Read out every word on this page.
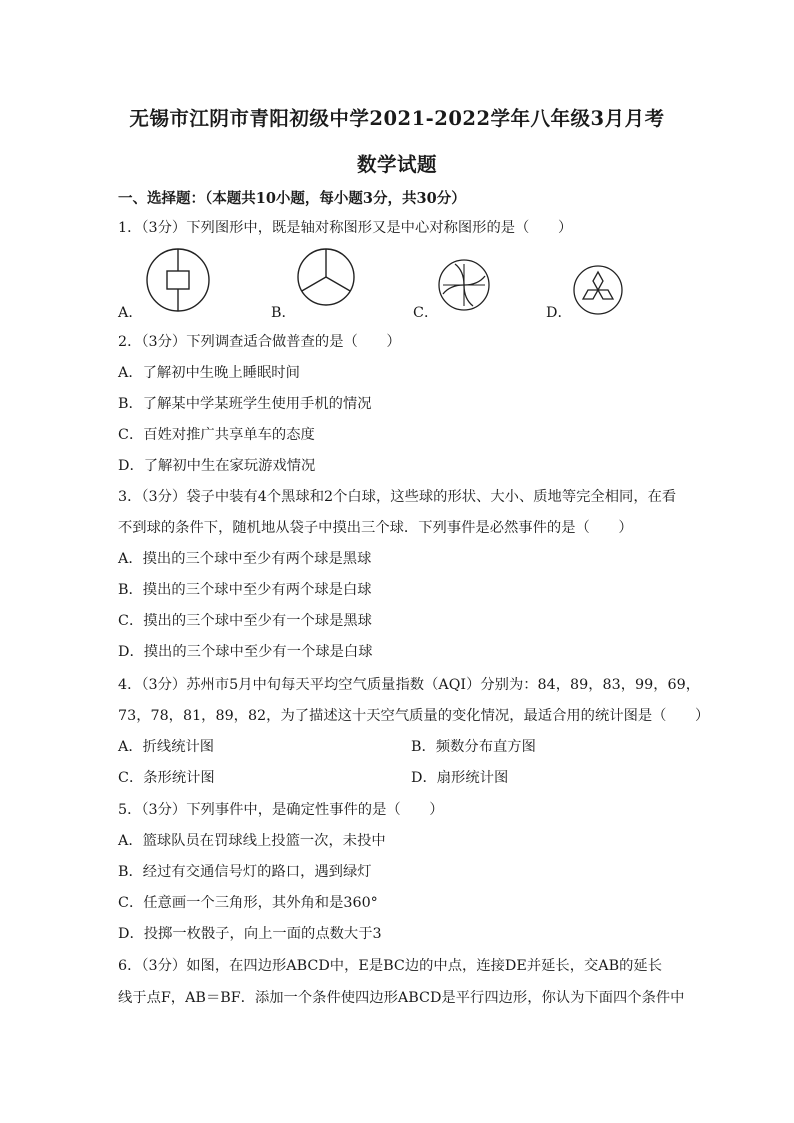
无锡市江阴市青阳初级中学2021-2022学年八年级3月月考
数学试题
一、选择题：（本题共10小题，每小题3分，共30分）
1．（3分）下列图形中，既是轴对称图形又是中心对称图形的是（　　）
A．	B．	C．	D．
2．（3分）下列调查适合做普查的是（　　）
A．了解初中生晚上睡眠时间
B．了解某中学某班学生使用手机的情况
C．百姓对推广共享单车的态度
D．了解初中生在家玩游戏情况
3．（3分）袋子中装有4个黑球和2个白球，这些球的形状、大小、质地等完全相同，在看
不到球的条件下，随机地从袋子中摸出三个球．下列事件是必然事件的是（　　）
A．摸出的三个球中至少有两个球是黑球
B．摸出的三个球中至少有两个球是白球
C．摸出的三个球中至少有一个球是黑球
D．摸出的三个球中至少有一个球是白球
4．（3分）苏州市5月中旬每天平均空气质量指数（AQI）分别为：84，89，83，99，69，
73，78，81，89，82，为了描述这十天空气质量的变化情况，最适合用的统计图是（　　）
A．折线统计图	B．频数分布直方图
C．条形统计图	D．扇形统计图
5．（3分）下列事件中，是确定性事件的是（　　）
A．篮球队员在罚球线上投篮一次，未投中
B．经过有交通信号灯的路口，遇到绿灯
C．任意画一个三角形，其外角和是360°
D．投掷一枚骰子，向上一面的点数大于3
6．（3分）如图，在四边形ABCD中，E是BC边的中点，连接DE并延长，交AB的延长
线于点F，AB＝BF．添加一个条件使四边形ABCD是平行四边形，你认为下面四个条件中
